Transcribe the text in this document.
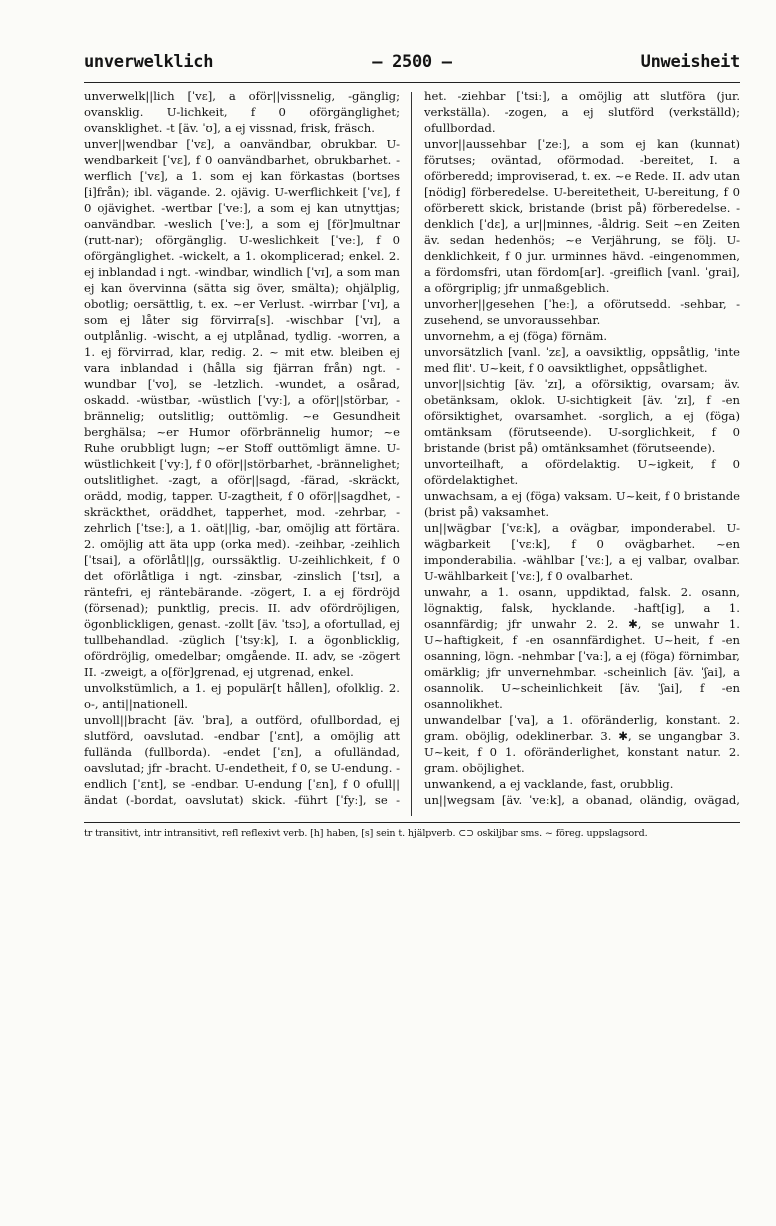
unverwelklich	— 2500 —	Unweisheit

unverwelk||lich [ˈvɛ], a oför||vissnelig, -gänglig; ovansklig. U-lichkeit, f 0 oförgänglighet; ovansklighet. -t [äv. ˈʊ], a ej vissnad, frisk, fräsch.

unver||wendbar [ˈvɛ], a oanvändbar, obrukbar. U-wendbarkeit [ˈvɛ], f 0 oanvändbarhet, obrukbarhet. -werflich [ˈvɛ], a 1. som ej kan förkastas (bortses [i]från); ibl. vägande. 2. ojävig. U-werflichkeit [ˈvɛ], f 0 ojävighet. -wertbar [ˈveː], a som ej kan utnyttjas; oanvändbar. -weslich [ˈveː], a som ej [för]multnar (rutt-nar); oförgänglig. U-weslichkeit [ˈveː], f 0 oförgänglighet. -wickelt, a 1. okomplicerad; enkel. 2. ej inblandad i ngt. -windbar, windlich [ˈvɪ], a som man ej kan övervinna (sätta sig över, smälta); ohjälplig, obotlig; oersättlig, t. ex. ~er Verlust. -wirrbar [ˈvɪ], a som ej låter sig förvirra[s]. -wischbar [ˈvɪ], a outplånlig. -wischt, a ej utplånad, tydlig. -worren, a 1. ej förvirrad, klar, redig. 2. ~ mit etw. bleiben ej vara inblandad i (hålla sig fjärran från) ngt. -wundbar [ˈvʊ], se -letzlich. -wundet, a osårad, oskadd. -wüstbar, -wüstlich [ˈvyː], a oför||störbar, -brännelig; outslitlig; outtömlig. ~e Gesundheit berghälsa; ~er Humor oförbrännelig humor; ~e Ruhe orubbligt lugn; ~er Stoff outtömligt ämne. U-wüstlichkeit [ˈvyː], f 0 oför||störbarhet, -brännelighet; outslitlighet. -zagt, a oför||sagd, -färad, -skräckt, orädd, modig, tapper. U-zagtheit, f 0 oför||sagdhet, -skräckthet, oräddhet, tapperhet, mod. -zehrbar, -zehrlich [ˈtseː], a 1. oät||lig, -bar, omöjlig att förtära. 2. omöjlig att äta upp (orka med). -zeihbar, -zeihlich [ˈtsai], a oförlåtl||g, ourssäktlig. U-zeihlichkeit, f 0 det oförlåtliga i ngt. -zinsbar, -zinslich [ˈtsɪ], a räntefri, ej räntebärande. -zögert, I. a ej fördröjd (försenad); punktlig, precis. II. adv ofördröjligen, ögonblickligen, genast. -zollt [äv. ˈtsɔ], a ofortullad, ej tullbehandlad. -züglich [ˈtsyːk], I. a ögonblicklig, ofördröjlig, omedelbar; omgående. II. adv, se -zögert II. -zweigt, a o[för]grenad, ej utgrenad, enkel.

unvolkstümlich, a 1. ej populär[t hållen], ofolklig. 2. o-, anti||nationell.

unvoll||bracht [äv. ˈbra], a outförd, ofullbordad, ej slutförd, oavslutad. -endbar [ˈɛnt], a omöjlig att fullända (fullborda). -endet [ˈɛn], a ofulländad, oavslutad; jfr -bracht. U-endetheit, f 0, se U-endung. -endlich [ˈɛnt], se -endbar. U-endung [ˈɛn], f 0 ofull||ändat (-bordat, oavslutat) skick. -führt [ˈfyː], se -

het. -ziehbar [ˈtsiː], a omöjlig att slutföra (jur. verkställa). -zogen, a ej slutförd (verkställd); ofullbordad.

unvor||aussehbar [ˈzeː], a som ej kan (kunnat) förutses; oväntad, oförmodad. -bereitet, I. a oförberedd; improviserad, t. ex. ~e Rede. II. adv utan [nödig] förberedelse. U-bereitetheit, U-bereitung, f 0 oförberett skick, bristande (brist på) förberedelse. -denklich [ˈdɛ], a ur||minnes, -åldrig. Seit ~en Zeiten äv. sedan hedenhös; ~e Verjährung, se följ. U-denklichkeit, f 0 jur. urminnes hävd. -eingenommen, a fördomsfri, utan fördom[ar]. -greiflich [vanl. ˈgrai], a oförgriplig; jfr unmaßgeblich.

unvorher||gesehen [ˈheː], a oförutsedd. -sehbar, -zusehend, se unvoraussehbar.

unvornehm, a ej (föga) förnäm.

unvorsätzlich [vanl. ˈzɛ], a oavsiktlig, oppsåtlig, 'inte med flit'. U~keit, f 0 oavsiktlighet, oppsåtlighet.

unvor||sichtig [äv. ˈzɪ], a oförsiktig, ovarsam; äv. obetänksam, oklok. U-sichtigkeit [äv. ˈzɪ], f -en oförsiktighet, ovarsamhet. -sorglich, a ej (föga) omtänksam (förutseende). U-sorglichkeit, f 0 bristande (brist på) omtänksamhet (förutseende).

unvorteilhaft, a ofördelaktig. U~igkeit, f 0 ofördelaktighet.

unwachsam, a ej (föga) vaksam. U~keit, f 0 bristande (brist på) vaksamhet.

un||wägbar [ˈvɛːk], a ovägbar, imponderabel. U-wägbarkeit [ˈvɛːk], f 0 ovägbarhet. ~en imponderabilia. -wählbar [ˈvɛː], a ej valbar, ovalbar. U-wählbarkeit [ˈvɛː], f 0 ovalbarhet.

unwahr, a 1. osann, uppdiktad, falsk. 2. osann, lögnaktig, falsk, hycklande. -haft[ig], a 1. osannfärdig; jfr unwahr 2. 2. ✱, se unwahr 1. U~haftigkeit, f -en osannfärdighet. U~heit, f -en osanning, lögn. -nehmbar [ˈvaː], a ej (föga) förnimbar, omärklig; jfr unvernehmbar. -scheinlich [äv. ˈʃai], a osannolik. U~scheinlichkeit [äv. ˈʃai], f -en osannolikhet.

unwandelbar [ˈva], a 1. oföränderlig, konstant. 2. gram. oböjlig, odeklinerbar. 3. ✱, se ungangbar 3. U~keit, f 0 1. oföränderlighet, konstant natur. 2. gram. oböjlighet.

unwankend, a ej vacklande, fast, orubblig.

un||wegsam [äv. ˈveːk], a obanad, oländig, ovägad,

tr transitivt, intr intransitivt, refl reflexivt verb. [h] haben, [s] sein t. hjälpverb. ⊂⊃ oskiljbar sms. ~ föreg. uppslagsord.
